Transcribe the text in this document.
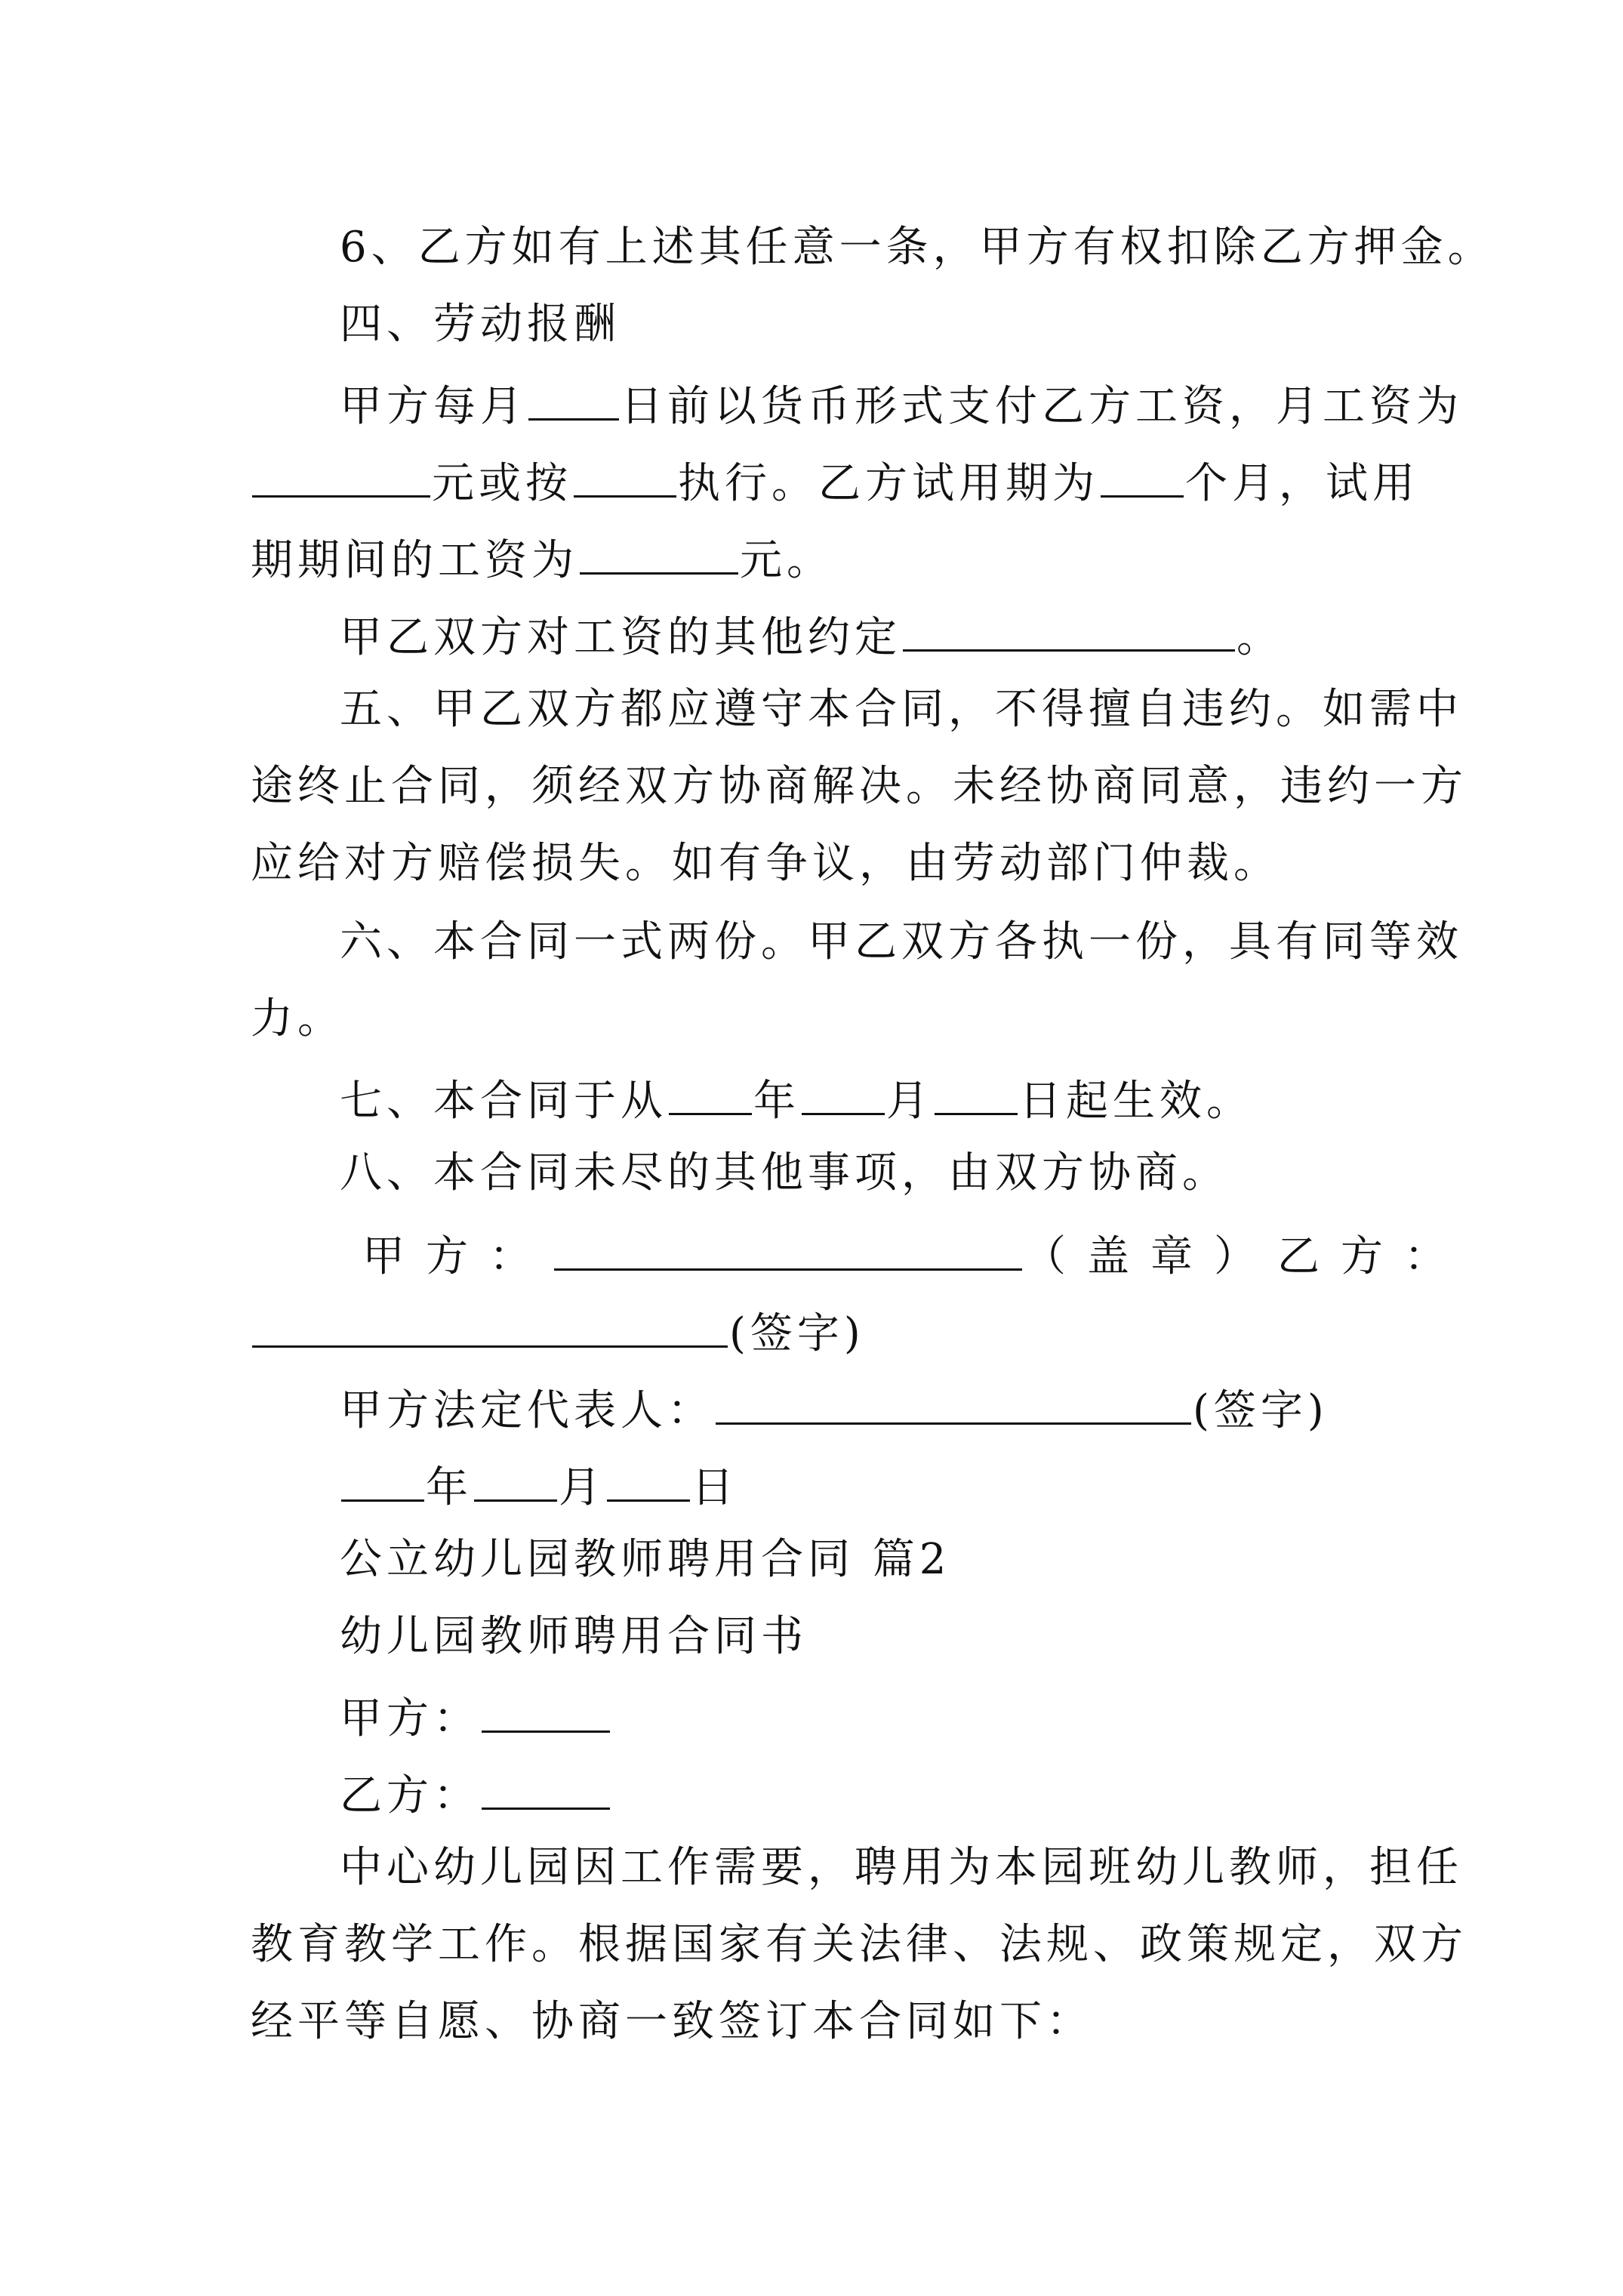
6、乙方如有上述其任意一条，甲方有权扣除乙方押金。
四、劳动报酬
甲方每月 日前以货币形式支付乙方工资，月工资为
元或按	执行。乙方试用期为 个月，试用
期期间的工资为	元。
甲乙双方对工资的其他约定	。
五、甲乙双方都应遵守本合同，不得擅自违约。如需中
途终止合同，须经双方协商解决。未经协商同意，违约一方
应给对方赔偿损失。如有争议，由劳动部门仲裁。
六、本合同一式两份。甲乙双方各执一份，具有同等效
力。
七、本合同于从 年 月 日起生效。
八、本合同未尽的其他事项，由双方协商。
甲方：	（盖章）乙方：
(签字)
甲方法定代表人：	(签字)
年 月 日
公立幼儿园教师聘用合同 篇2
幼儿园教师聘用合同书
甲方：
乙方：
中心幼儿园因工作需要，聘用为本园班幼儿教师，担任
教育教学工作。根据国家有关法律、法规、政策规定，双方
经平等自愿、协商一致签订本合同如下：
